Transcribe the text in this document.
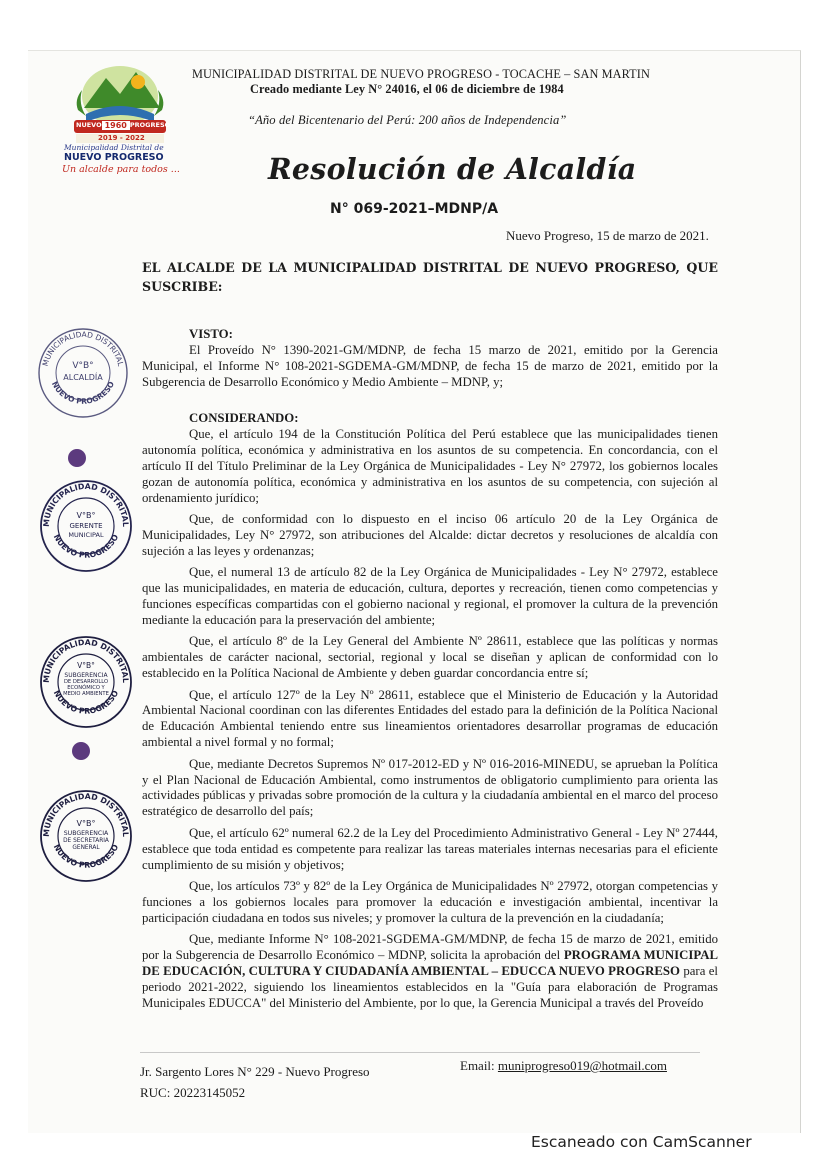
NUEVO 1960 PROGRESO
2019 - 2022
Municipalidad Distrital de
NUEVO PROGRESO
Un alcalde para todos ...
MUNICIPALIDAD DISTRITAL DE NUEVO PROGRESO - TOCACHE – SAN MARTIN
Creado mediante Ley N° 24016, el 06 de diciembre de 1984
“Año del Bicentenario del Perú: 200 años de Independencia”
Resolución de Alcaldía
N° 069-2021–MDNP/A
Nuevo Progreso, 15 de marzo de 2021.
EL ALCALDE DE LA MUNICIPALIDAD DISTRITAL DE NUEVO PROGRESO, QUE SUSCRIBE:
VISTO:
El Proveído N° 1390-2021-GM/MDNP, de fecha 15 marzo de 2021, emitido por la Gerencia Municipal, el Informe N° 108-2021-SGDEMA-GM/MDNP, de fecha 15 de marzo de 2021, emitido por la Subgerencia de Desarrollo Económico y Medio Ambiente – MDNP, y;
CONSIDERANDO:
Que, el artículo 194 de la Constitución Política del Perú establece que las municipalidades tienen autonomía política, económica y administrativa en los asuntos de su competencia. En concordancia, con el artículo II del Título Preliminar de la Ley Orgánica de Municipalidades - Ley N° 27972, los gobiernos locales gozan de autonomía política, económica y administrativa en los asuntos de su competencia, con sujeción al ordenamiento jurídico;
Que, de conformidad con lo dispuesto en el inciso 06 artículo 20 de la Ley Orgánica de Municipalidades, Ley N° 27972, son atribuciones del Alcalde: dictar decretos y resoluciones de alcaldía con sujeción a las leyes y ordenanzas;
Que, el numeral 13 de artículo 82 de la Ley Orgánica de Municipalidades - Ley N° 27972, establece que las municipalidades, en materia de educación, cultura, deportes y recreación, tienen como competencias y funciones específicas compartidas con el gobierno nacional y regional, el promover la cultura de la prevención mediante la educación para la preservación del ambiente;
Que, el artículo 8º de la Ley General del Ambiente Nº 28611, establece que las políticas y normas ambientales de carácter nacional, sectorial, regional y local se diseñan y aplican de conformidad con lo establecido en la Política Nacional de Ambiente y deben guardar concordancia entre sí;
Que, el artículo 127º de la Ley Nº 28611, establece que el Ministerio de Educación y la Autoridad Ambiental Nacional coordinan con las diferentes Entidades del estado para la definición de la Política Nacional de Educación Ambiental teniendo entre sus lineamientos orientadores desarrollar programas de educación ambiental a nivel formal y no formal;
Que, mediante Decretos Supremos Nº 017-2012-ED y Nº 016-2016-MINEDU, se aprueban la Política y el Plan Nacional de Educación Ambiental, como instrumentos de obligatorio cumplimiento para orienta las actividades públicas y privadas sobre promoción de la cultura y la ciudadanía ambiental en el marco del proceso estratégico de desarrollo del país;
Que, el artículo 62º numeral 62.2 de la Ley del Procedimiento Administrativo General - Ley Nº 27444, establece que toda entidad es competente para realizar las tareas materiales internas necesarias para el eficiente cumplimiento de su misión y objetivos;
Que, los artículos 73º y 82º de la Ley Orgánica de Municipalidades Nº 27972, otorgan competencias y funciones a los gobiernos locales para promover la educación e investigación ambiental, incentivar la participación ciudadana en todos sus niveles; y promover la cultura de la prevención en la ciudadanía;
Que, mediante Informe N° 108-2021-SGDEMA-GM/MDNP, de fecha 15 de marzo de 2021, emitido por la Subgerencia de Desarrollo Económico – MDNP, solicita la aprobación del PROGRAMA MUNICIPAL DE EDUCACIÓN, CULTURA Y CIUDADANÍA AMBIENTAL – EDUCCA NUEVO PROGRESO para el periodo 2021-2022, siguiendo los lineamientos establecidos en la "Guía para elaboración de Programas Municipales EDUCCA" del Ministerio del Ambiente, por lo que, la Gerencia Municipal a través del Proveído
MUNICIPALIDAD DISTRITAL
NUEVO PROGRESO
V°B°
ALCALDÍA
MUNICIPALIDAD DISTRITAL
NUEVO PROGRESO
V°B°
GERENTE
MUNICIPAL
MUNICIPALIDAD DISTRITAL
NUEVO PROGRESO
V°B°
SUBGERENCIA
DE DESARROLLO ECONÓMICO Y MEDIO AMBIENTE
MUNICIPALIDAD DISTRITAL
NUEVO PROGRESO
V°B°
SUBGERENCIA
DE SECRETARIA GENERAL
Jr. Sargento Lores N° 229 - Nuevo Progreso
RUC: 20223145052
Email: muniprogreso019@hotmail.com
Escaneado con CamScanner
